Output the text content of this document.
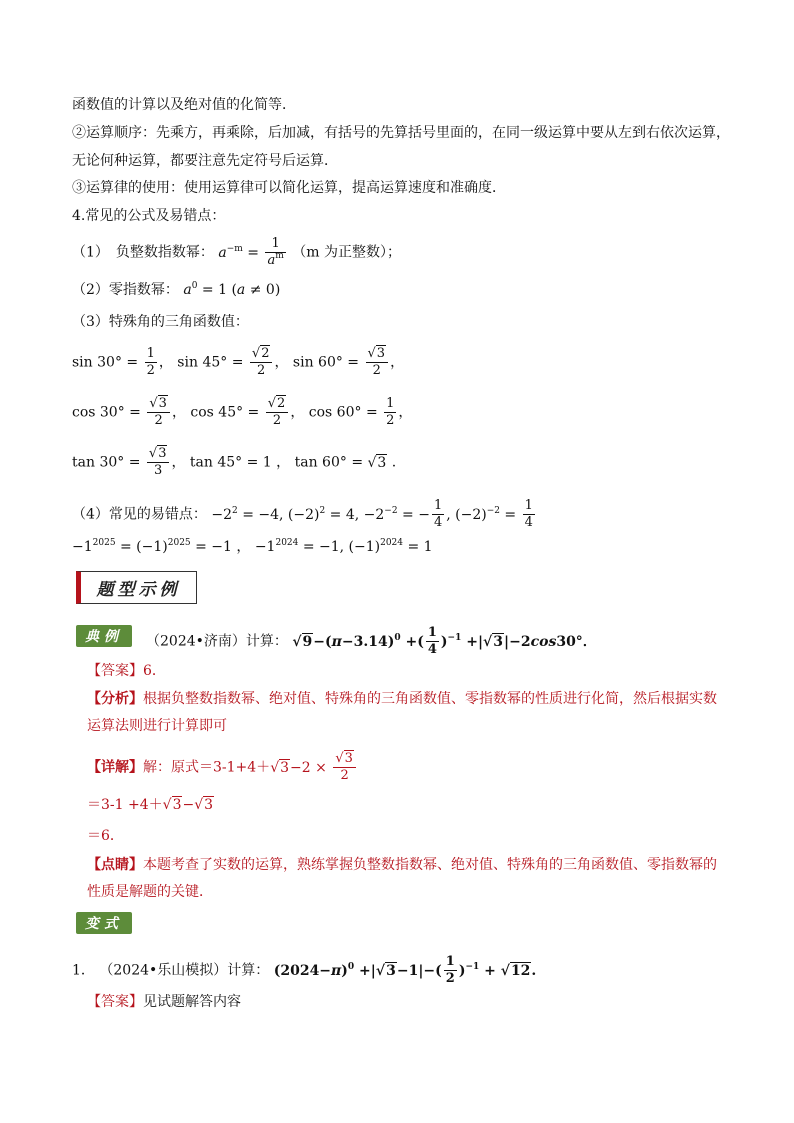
函数值的计算以及绝对值的化简等．
②运算顺序：先乘方，再乘除，后加减，有括号的先算括号里面的，在同一级运算中要从左到右依次运算，
无论何种运算，都要注意先定符号后运算．
③运算律的使用：使用运算律可以简化运算，提高运算速度和准确度．
4.常见的公式及易错点：
（1）　负整数指数幂： $a^{-m} = \frac{1}{a^m} (m$ 为正整数）；
（2）零指数幂： $a^0 = 1$ (a ≠ 0)
（3）特殊角的三角函数值：
$\sin 30^\circ = \frac{1}{2}$ ， $\sin 45^\circ = \frac{√2}{2}$ ， $\sin 60^\circ = \frac{√3}{2}$ ，
$\cos 30^\circ = \frac{√3}{2}$ ， $\cos 45^\circ = \frac{√2}{2}$ ， $\cos 60^\circ = \frac{1}{2}$ ，
$\tan 30^\circ = \frac{√3}{3}$ ， tan 45° = 1 ， tan 60° = √3 .
（4）常见的易错点： $-2^2 = -4$, $(-2)^2 = 4$, $-2^{-2}$ = − $\frac{1}{4}$ , $(-2)^{-2} = \frac{1}{4}$
$-1^{2025} = (-1)^{2025} = -1$ ， $-1^{2024} = -1$, $(-1)^{2024} = 1$
题型示例
典例	（2024•济南）计算： $√9-(\pi-3.14)^0$ +( $\frac{1}{4} )^{-1} +|√3|-2\cos 30^\circ$．
【答案】6．
【分析】根据负整数指数幂、绝对值、特殊角的三角函数值、零指数幂的性质进行化简，然后根据实数
运算法则进行计算即可
【详解】解：原式$=3-1+4+√3-2 \times \frac{√3}{2}$
＝3-1 +4＋√3−√3
＝6．
【点睛】本题考查了实数的运算，熟练掌握负整数指数幂、绝对值、特殊角的三角函数值、零指数幂的
性质是解题的关键．
变式
1． （2024•乐山模拟）计算： $(2024-\pi)^0 +|√3-1|-( \frac{1}{2} )^{-1} + √12$.
【答案】见试题解答内容
